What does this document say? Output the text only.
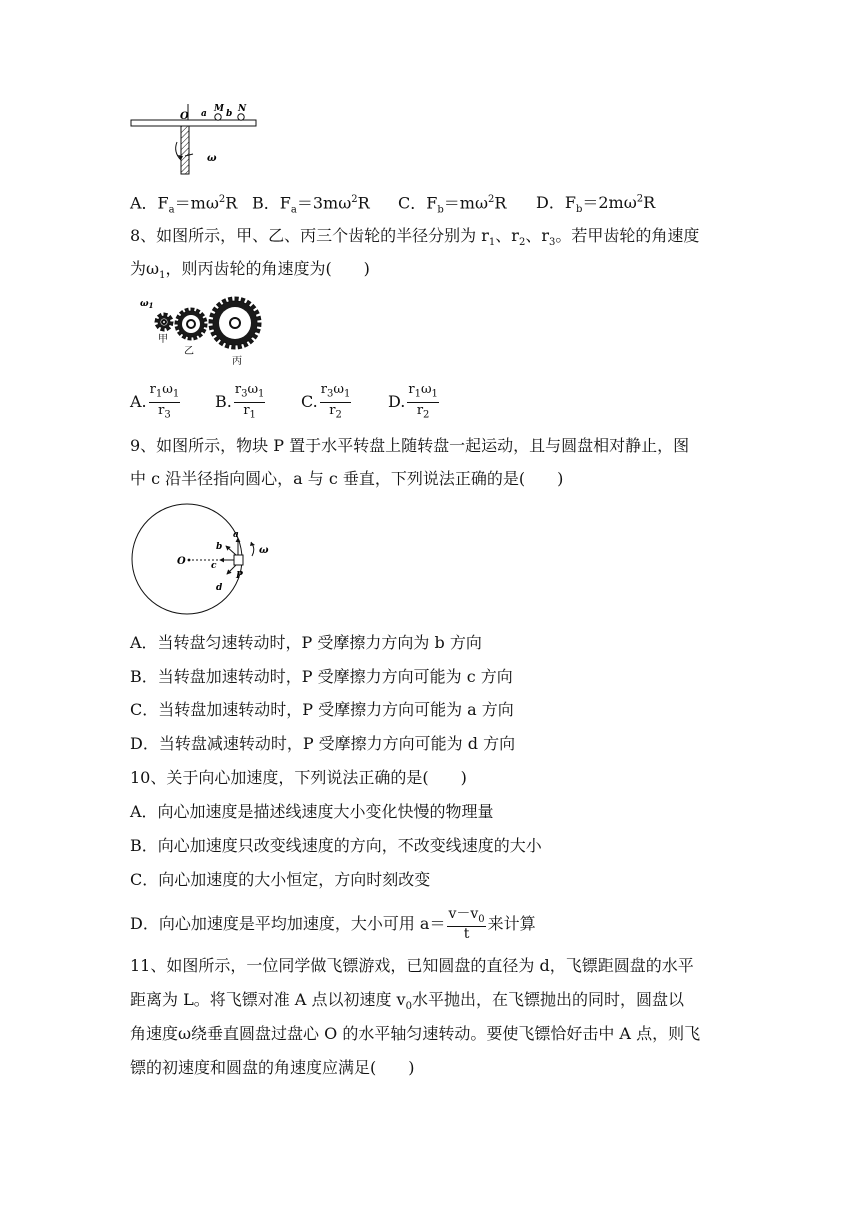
O a M b N
ω
A．$F_a=m\omega^2R$ B．$F_a=3m\omega^2R$ C．$F_b=m\omega^2R$ D．$F_b=2m\omega^2R$
8、如图所示，甲、乙、丙三个齿轮的半径分别为 $r_1$、$r_2$、$r_3$。若甲齿轮的角速度
为$\omega_1$，则丙齿轮的角速度为(　　)
$\omega_1$
甲
乙
丙
A. $\frac{r_1\omega_1}{r_3} B$. $\frac{r_3\omega_1}{r_1} C$. $\frac{r_3\omega_1}{r_2} D$. $\frac{r_1\omega_1}{r_2}$
9、如图所示，物块 P 置于水平转盘上随转盘一起运动，且与圆盘相对静止，图
中 c 沿半径指向圆心，a 与 c 垂直，下列说法正确的是(　　)
O
a
b
c
d
P
ω
A．当转盘匀速转动时，P 受摩擦力方向为 b 方向
B．当转盘加速转动时，P 受摩擦力方向可能为 c 方向
C．当转盘加速转动时，P 受摩擦力方向可能为 a 方向
D．当转盘减速转动时，P 受摩擦力方向可能为 d 方向
10、关于向心加速度，下列说法正确的是(　　)
A．向心加速度是描述线速度大小变化快慢的物理量
B．向心加速度只改变线速度的方向，不改变线速度的大小
C．向心加速度的大小恒定，方向时刻改变
D．向心加速度是平均加速度，大小可用 $a= \frac{v-v_0}{t}$ 来计算
11、如图所示，一位同学做飞镖游戏，已知圆盘的直径为 d，飞镖距圆盘的水平
距离为 L。将飞镖对准 A 点以初速度 $v_0$水平抛出，在飞镖抛出的同时，圆盘以
角速度ω绕垂直圆盘过盘心 O 的水平轴匀速转动。要使飞镖恰好击中 A 点，则飞
镖的初速度和圆盘的角速度应满足(　　)
